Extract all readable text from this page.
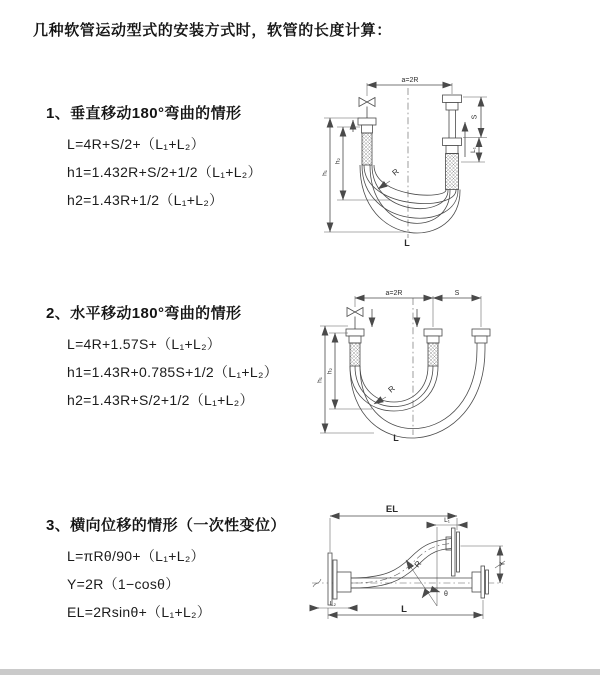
几种软管运动型式的安装方式时，软管的长度计算：
1、垂直移动180°弯曲的情形
L=4R+S/2+（L₁+L₂）
h1=1.432R+S/2+1/2（L₁+L₂）
h2=1.43R+1/2（L₁+L₂）
2、水平移动180°弯曲的情形
L=4R+1.57S+（L₁+L₂）
h1=1.43R+0.785S+1/2（L₁+L₂）
h2=1.43R+S/2+1/2（L₁+L₂）
3、横向位移的情形（一次性变位）
L=πRθ/90+（L₁+L₂）
Y=2R（1−cosθ）
EL=2Rsinθ+（L₁+L₂）
a=2R
S
L₁
h₁
h₂
R
L
a=2R	S
h₁
h₂
R
L
EL
L₁
Y
R
θ
L
L₂
